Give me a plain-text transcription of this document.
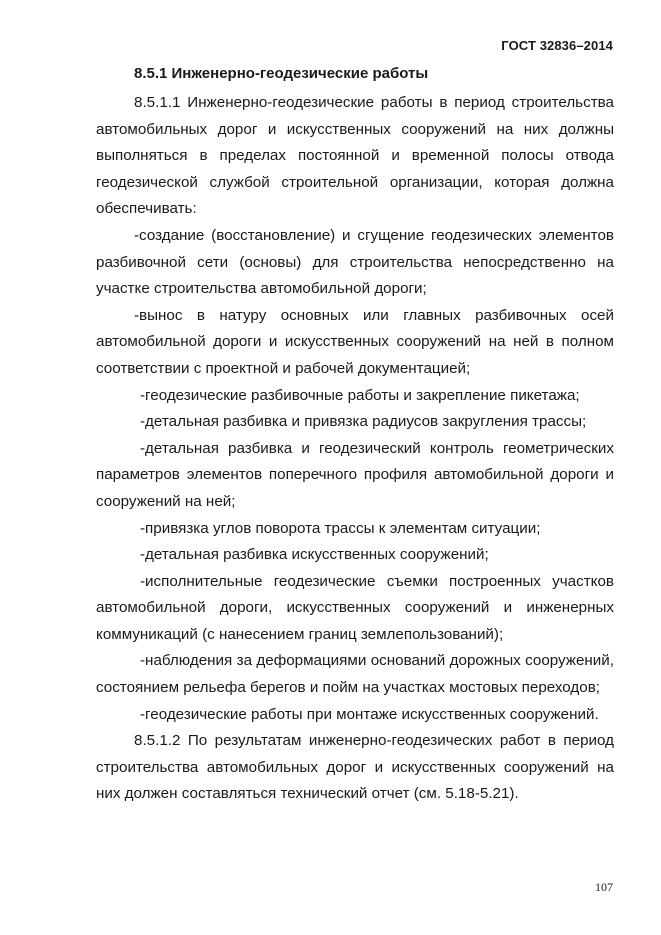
ГОСТ 32836–2014
8.5.1 Инженерно-геодезические работы

8.5.1.1 Инженерно-геодезические работы в период строительства автомобильных дорог и искусственных сооружений на них должны выполняться в пределах постоянной и временной полосы отвода геодезической службой строительной организации, которая должна обеспечивать:

-создание (восстановление) и сгущение геодезических элементов разбивочной сети (основы) для строительства непосредственно на участке строительства автомобильной дороги;

-вынос в натуру основных или главных разбивочных осей автомобильной дороги и искусственных сооружений на ней в полном соответствии с проектной и рабочей документацией;

-геодезические разбивочные работы и закрепление пикетажа;

-детальная разбивка и привязка радиусов закругления трассы;

-детальная разбивка и геодезический контроль геометрических параметров элементов поперечного профиля автомобильной дороги и сооружений на ней;

-привязка углов поворота трассы к элементам ситуации;

-детальная разбивка искусственных сооружений;

-исполнительные геодезические съемки построенных участков автомобильной дороги, искусственных сооружений и инженерных коммуникаций (с нанесением границ землепользований);

-наблюдения за деформациями оснований дорожных сооружений, состоянием рельефа берегов и пойм на участках мостовых переходов;

-геодезические работы при монтаже искусственных сооружений.

8.5.1.2 По результатам инженерно-геодезических работ в период строительства автомобильных дорог и искусственных сооружений на них должен составляться технический отчет (см. 5.18-5.21).

107
